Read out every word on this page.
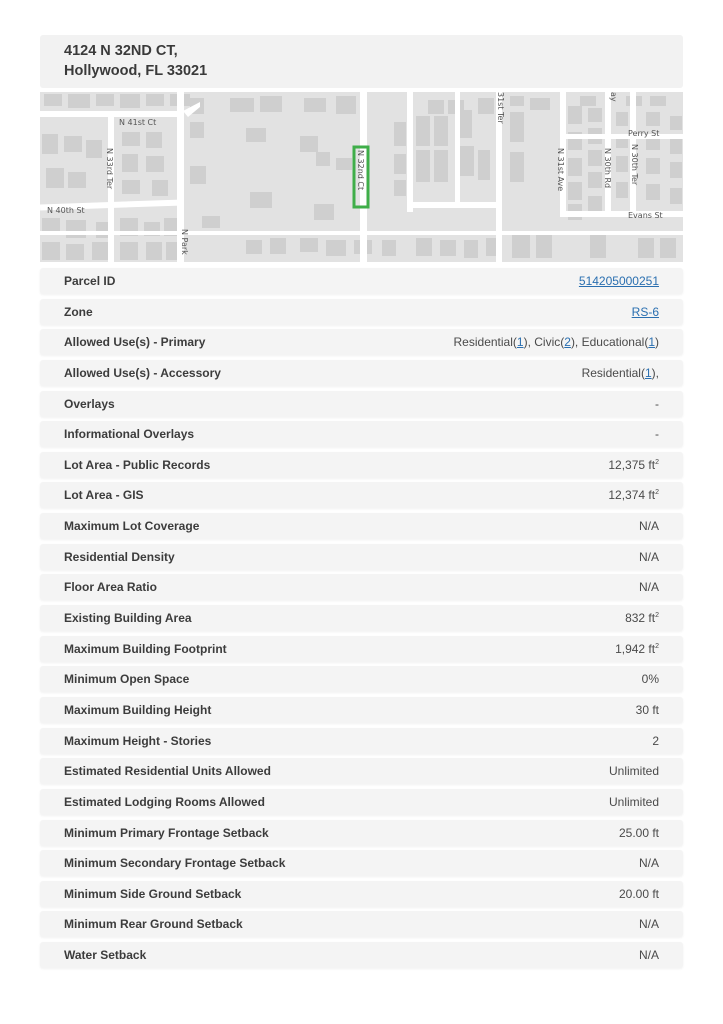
4124 N 32ND CT,
Hollywood, FL 33021
N 41st Ct
N 40th St
Perry St
Evans St
N 33rd Ter
N Park
N 32nd Ct
31st Ter
N 31st Ave	N 30th Rd N 30th Ter
ay
Parcel ID	514205000251
Zone	RS-6
Allowed Use(s) - Primary	Residential(1), Civic(2), Educational(1)
Allowed Use(s) - Accessory	Residential(1),
Overlays	-
Informational Overlays	-
Lot Area - Public Records	12,375 $ft^2$
Lot Area - GIS	12,374 $ft^2$
Maximum Lot Coverage	N/A
Residential Density	N/A
Floor Area Ratio	N/A
Existing Building Area	832 $ft^2$
Maximum Building Footprint	1,942 $ft^2$
Minimum Open Space	0%
Maximum Building Height	30 ft
Maximum Height - Stories	2
Estimated Residential Units Allowed	Unlimited
Estimated Lodging Rooms Allowed	Unlimited
Minimum Primary Frontage Setback	25.00 ft
Minimum Secondary Frontage Setback	N/A
Minimum Side Ground Setback	20.00 ft
Minimum Rear Ground Setback	N/A
Water Setback	N/A
